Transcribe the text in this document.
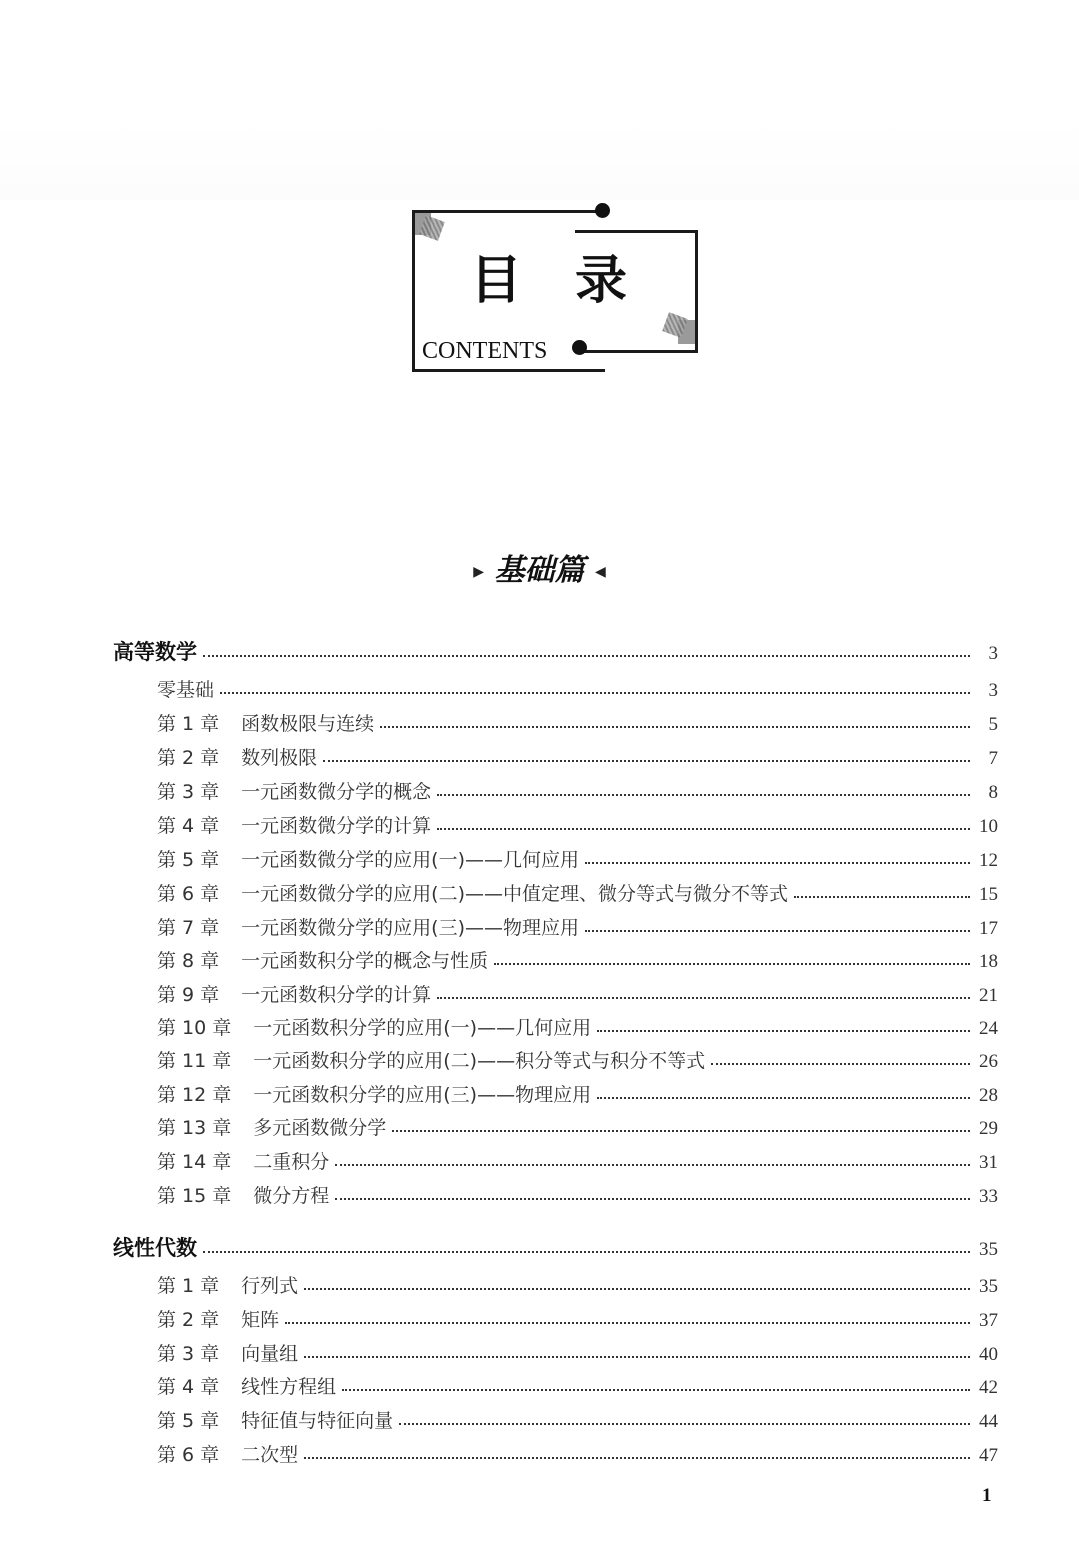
目 录
CONTENTS
▶ 基础篇 ◀
高等数学	3
零基础	3
第 1 章 函数极限与连续	5
第 2 章 数列极限	7
第 3 章 一元函数微分学的概念	8
第 4 章 一元函数微分学的计算	10
第 5 章 一元函数微分学的应用(一)——几何应用	12
第 6 章 一元函数微分学的应用(二)——中值定理、微分等式与微分不等式	15
第 7 章 一元函数微分学的应用(三)——物理应用	17
第 8 章 一元函数积分学的概念与性质	18
第 9 章 一元函数积分学的计算	21
第 10 章 一元函数积分学的应用(一)——几何应用	24
第 11 章 一元函数积分学的应用(二)——积分等式与积分不等式	26
第 12 章 一元函数积分学的应用(三)——物理应用	28
第 13 章 多元函数微分学	29
第 14 章 二重积分	31
第 15 章 微分方程	33
线性代数	35
第 1 章 行列式	35
第 2 章 矩阵	37
第 3 章 向量组	40
第 4 章 线性方程组	42
第 5 章 特征值与特征向量	44
第 6 章 二次型	47
1
